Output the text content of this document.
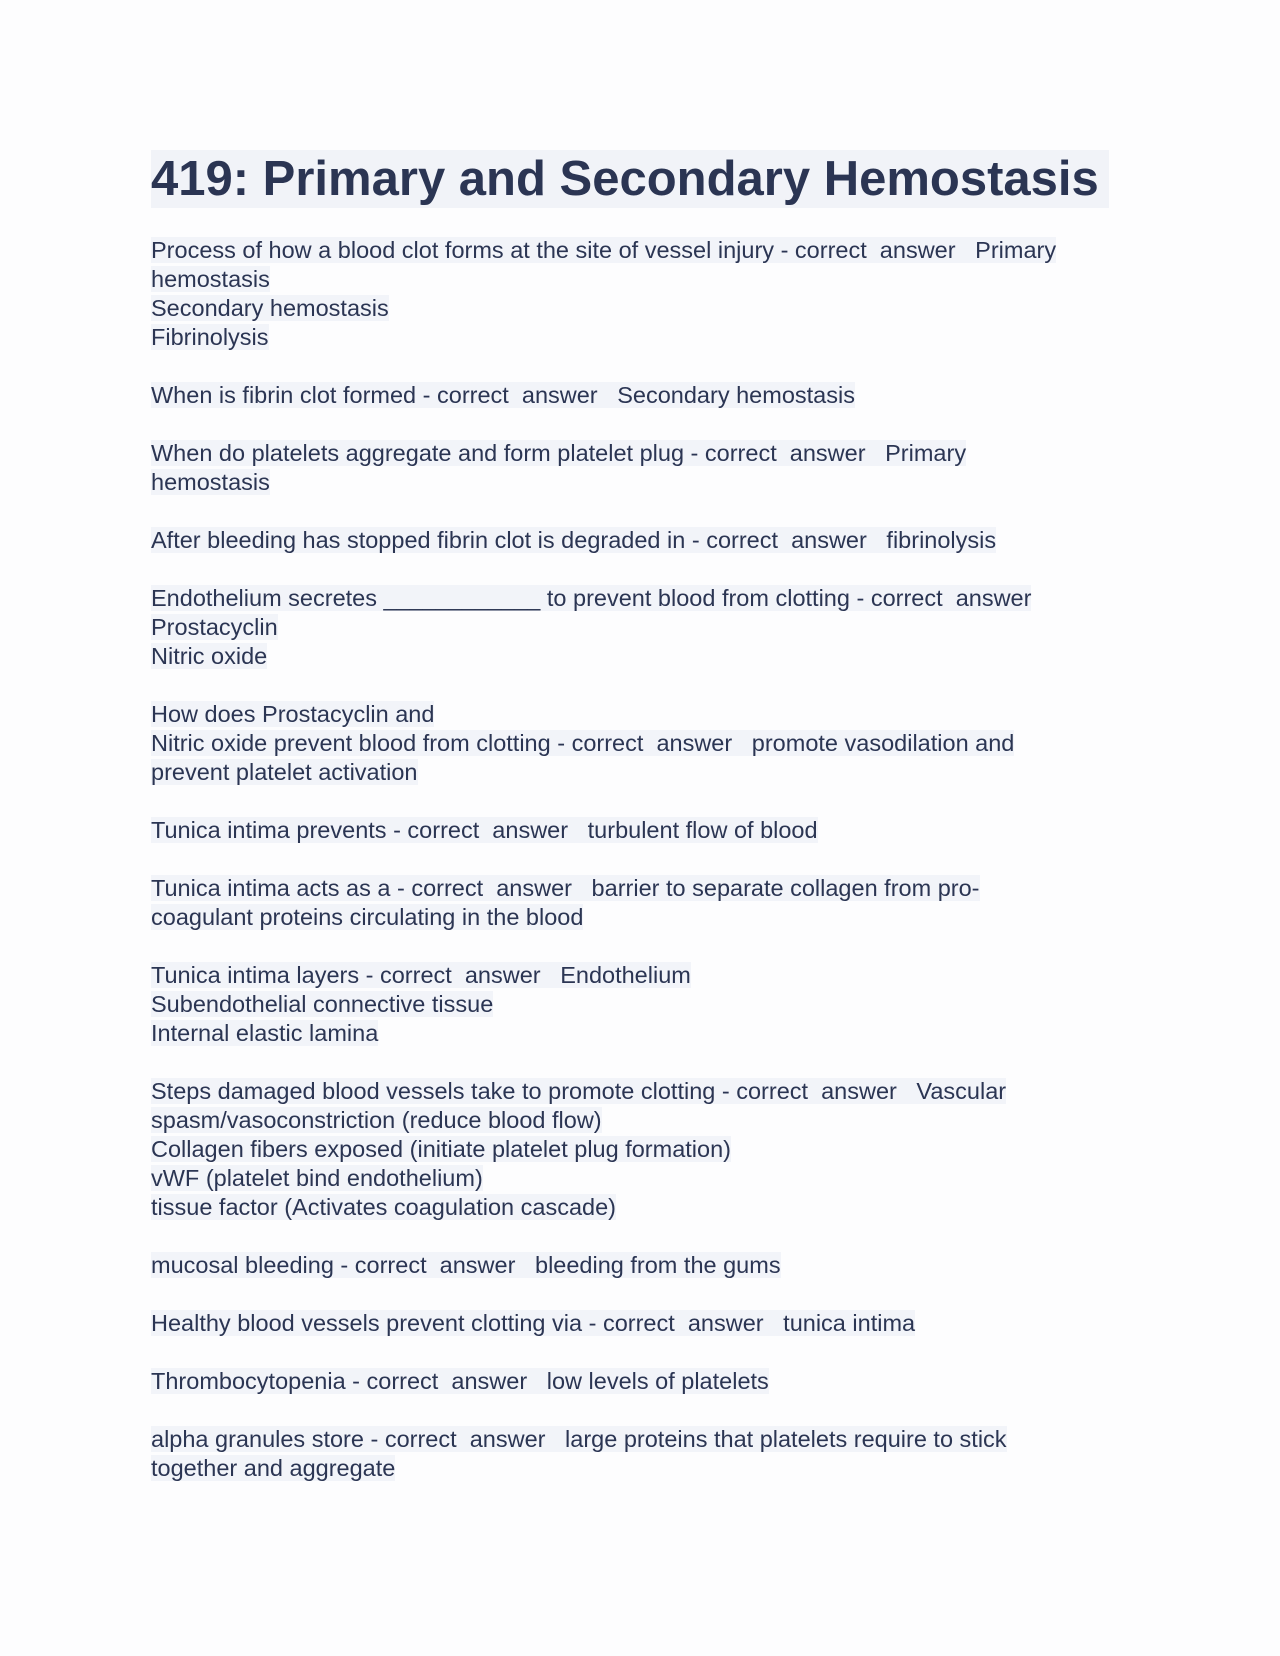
419: Primary and Secondary Hemostasis
Process of how a blood clot forms at the site of vessel injury - correct  answer   Primary
hemostasis
Secondary hemostasis
Fibrinolysis
When is fibrin clot formed - correct  answer   Secondary hemostasis
When do platelets aggregate and form platelet plug - correct  answer   Primary
hemostasis
After bleeding has stopped fibrin clot is degraded in - correct  answer   fibrinolysis
Endothelium secretes ____________ to prevent blood from clotting - correct  answer
Prostacyclin
Nitric oxide
How does Prostacyclin and
Nitric oxide prevent blood from clotting - correct  answer   promote vasodilation and
prevent platelet activation
Tunica intima prevents - correct  answer   turbulent flow of blood
Tunica intima acts as a - correct  answer   barrier to separate collagen from pro-
coagulant proteins circulating in the blood
Tunica intima layers - correct  answer   Endothelium
Subendothelial connective tissue
Internal elastic lamina
Steps damaged blood vessels take to promote clotting - correct  answer   Vascular
spasm/vasoconstriction (reduce blood flow)
Collagen fibers exposed (initiate platelet plug formation)
vWF (platelet bind endothelium)
tissue factor (Activates coagulation cascade)
mucosal bleeding - correct  answer   bleeding from the gums
Healthy blood vessels prevent clotting via - correct  answer   tunica intima
Thrombocytopenia - correct  answer   low levels of platelets
alpha granules store - correct  answer   large proteins that platelets require to stick
together and aggregate
